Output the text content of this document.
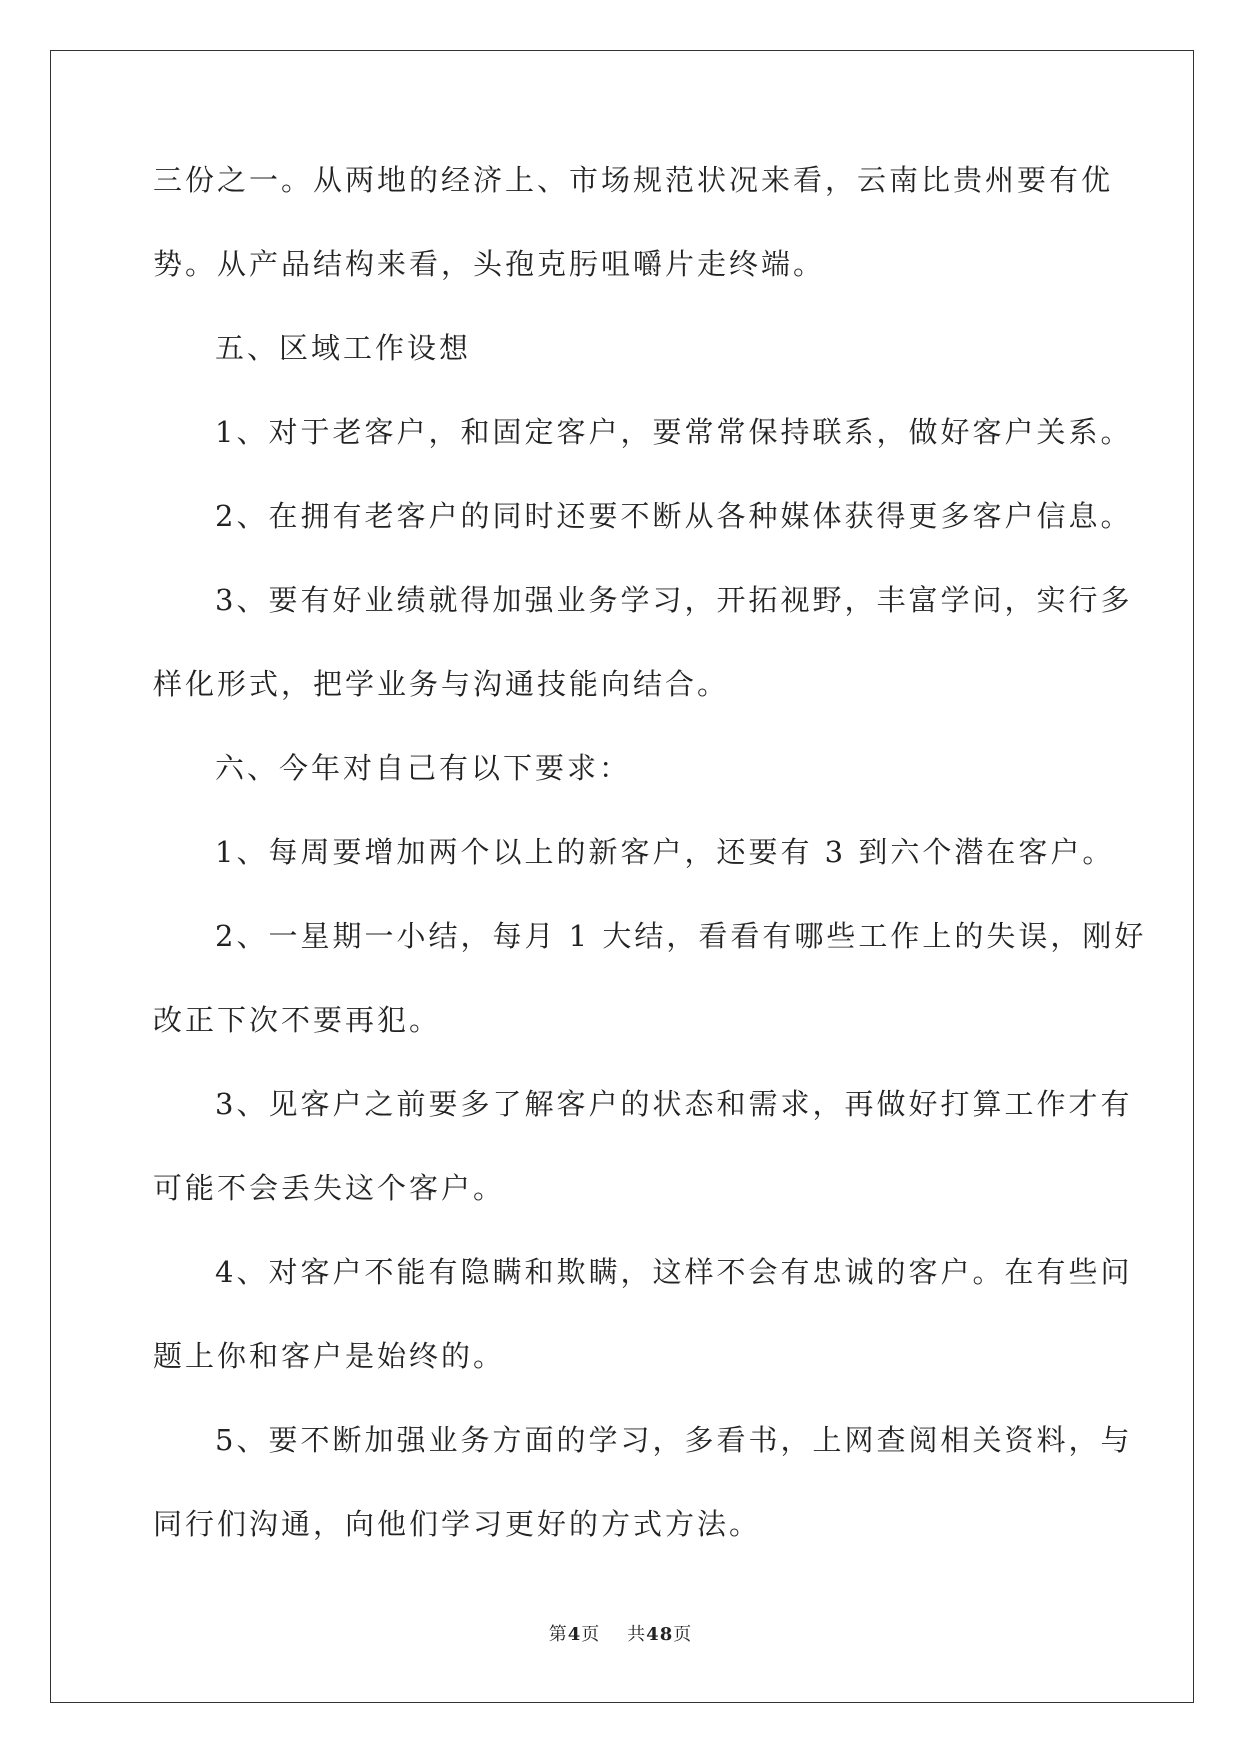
三份之一。从两地的经济上、市场规范状况来看，云南比贵州要有优
势。从产品结构来看，头孢克肟咀嚼片走终端。
五、区域工作设想
1、对于老客户，和固定客户，要常常保持联系，做好客户关系。
2、在拥有老客户的同时还要不断从各种媒体获得更多客户信息。
3、要有好业绩就得加强业务学习，开拓视野，丰富学问，实行多
样化形式，把学业务与沟通技能向结合。
六、今年对自己有以下要求：
1、每周要增加两个以上的新客户，还要有 3 到六个潜在客户。
2、一星期一小结，每月 1 大结，看看有哪些工作上的失误，刚好
改正下次不要再犯。
3、见客户之前要多了解客户的状态和需求，再做好打算工作才有
可能不会丢失这个客户。
4、对客户不能有隐瞒和欺瞒，这样不会有忠诚的客户。在有些问
题上你和客户是始终的。
5、要不断加强业务方面的学习，多看书，上网查阅相关资料，与
同行们沟通，向他们学习更好的方式方法。
第4页 共48页
